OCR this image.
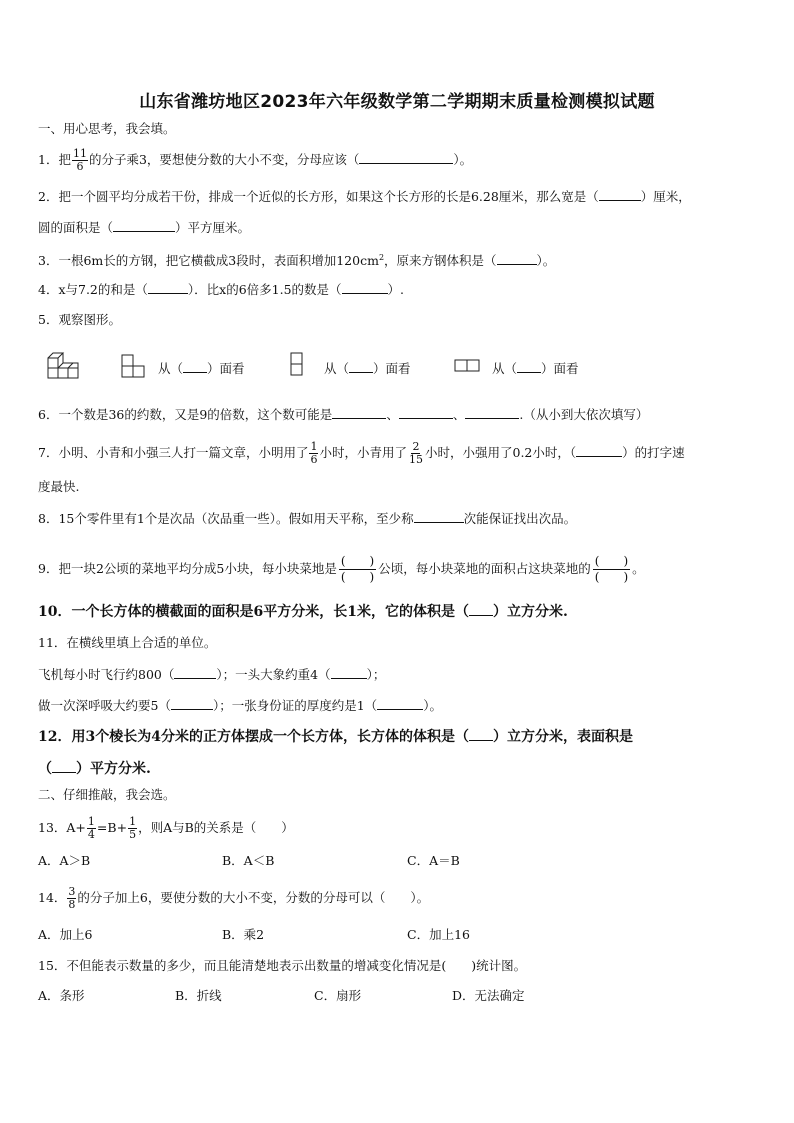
山东省潍坊地区2023年六年级数学第二学期期末质量检测模拟试题
一、用心思考，我会填。
1．把 $\frac{11}{6}$ 的分子乘3，要想使分数的大小不变，分母应该（	）。
2．把一个圆平均分成若干份，排成一个近似的长方形，如果这个长方形的长是6.28厘米，那么宽是（	）厘米，
圆的面积是（	）平方厘米。
3．一根6m长的方钢，把它横截成3段时，表面积增加$120cm^2$，原来方钢体积是（	）。
4．x与7.2的和是（	）．比x的6倍多1.5的数是（	）.
5．观察图形。
从（ ）面看	从（ ）面看	从（ ）面看
6．一个数是36的约数，又是9的倍数，这个数可能是	、	、	.（从小到大依次填写）
7．小明、小青和小强三人打一篇文章，小明用了 $\frac{1}{6}$ 小时，小青用了 $\frac{2}{15}$ 小时，小强用了0.2小时，（	）的打字速
度最快.
8．15个零件里有1个是次品（次品重一些）。假如用天平称，至少称	次能保证找出次品。
9．把一块2公顷的菜地平均分成5小块，每小块菜地是 $\frac{( )}{( )}$ 公顷，每小块菜地的面积占这块菜地的 $\frac{( )}{( )}$ 。
10．一个长方体的横截面的面积是6平方分米，长1米，它的体积是（ ）立方分米.
11．在横线里填上合适的单位。
飞机每小时飞行约800（	）；一头大象约重4（	）；
做一次深呼吸大约要5（	）；一张身份证的厚度约是1（	）。
12．用3个棱长为4分米的正方体摆成一个长方体，长方体的体积是（ ）立方分米，表面积是
（ ）平方分米.
二、仔细推敲，我会选。
13．$A+ \frac{1}{4} =B+ \frac{1}{5}$ ，则A与B的关系是（　　）
A．A＞B	B．A＜B	C．A＝B
14． $\frac{3}{8}$ 的分子加上6，要使分数的大小不变，分数的分母可以（　　）。
A．加上6	B．乘2	C．加上16
15．不但能表示数量的多少，而且能清楚地表示出数量的增减变化情况是(　　)统计图。
A．条形	B．折线	C．扇形	D．无法确定
